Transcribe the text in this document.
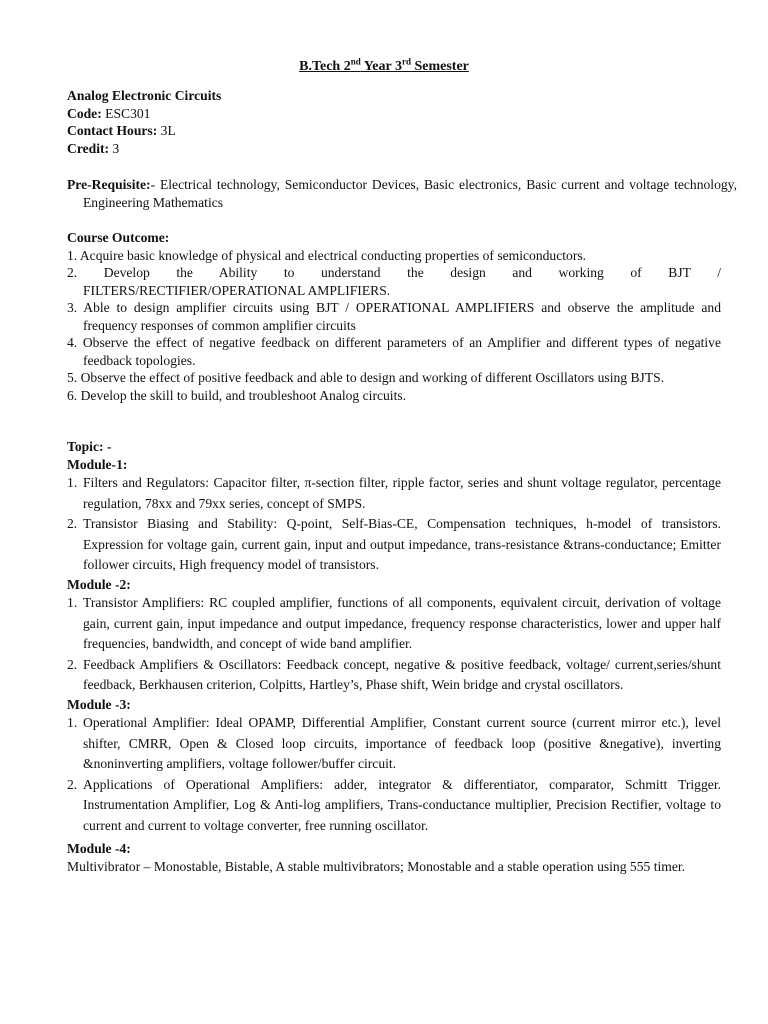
B.Tech 2nd Year 3rd Semester
Analog Electronic Circuits
Code: ESC301
Contact Hours: 3L
Credit: 3
Pre-Requisite:- Electrical technology, Semiconductor Devices, Basic electronics, Basic current and voltage technology, Engineering Mathematics
Course Outcome:
1. Acquire basic knowledge of physical and electrical conducting properties of semiconductors.
2. Develop the Ability to understand the design and working of BJT /
FILTERS/RECTIFIER/OPERATIONAL AMPLIFIERS.
3. Able to design amplifier circuits using BJT / OPERATIONAL AMPLIFIERS and observe the amplitude and frequency responses of common amplifier circuits
4. Observe the effect of negative feedback on different parameters of an Amplifier and different types of negative feedback topologies.
5. Observe the effect of positive feedback and able to design and working of different Oscillators using BJTS.
6. Develop the skill to build, and troubleshoot Analog circuits.
Topic: -
Module-1:
1. Filters and Regulators: Capacitor filter, π-section filter, ripple factor, series and shunt voltage regulator, percentage regulation, 78xx and 79xx series, concept of SMPS.
2. Transistor Biasing and Stability: Q-point, Self-Bias-CE, Compensation techniques, h-model of transistors. Expression for voltage gain, current gain, input and output impedance, trans-resistance &trans-conductance; Emitter follower circuits, High frequency model of transistors.
Module -2:
1. Transistor Amplifiers: RC coupled amplifier, functions of all components, equivalent circuit, derivation of voltage gain, current gain, input impedance and output impedance, frequency response characteristics, lower and upper half frequencies, bandwidth, and concept of wide band amplifier.
2. Feedback Amplifiers & Oscillators: Feedback concept, negative & positive feedback, voltage/ current,series/shunt feedback, Berkhausen criterion, Colpitts, Hartley’s, Phase shift, Wein bridge and crystal oscillators.
Module -3:
1. Operational Amplifier: Ideal OPAMP, Differential Amplifier, Constant current source (current mirror etc.), level shifter, CMRR, Open & Closed loop circuits, importance of feedback loop (positive &negative), inverting &noninverting amplifiers, voltage follower/buffer circuit.
2. Applications of Operational Amplifiers: adder, integrator & differentiator, comparator, Schmitt Trigger. Instrumentation Amplifier, Log & Anti-log amplifiers, Trans-conductance multiplier, Precision Rectifier, voltage to current and current to voltage converter, free running oscillator.
Module -4:
Multivibrator – Monostable, Bistable, A stable multivibrators; Monostable and a stable operation using 555 timer.
